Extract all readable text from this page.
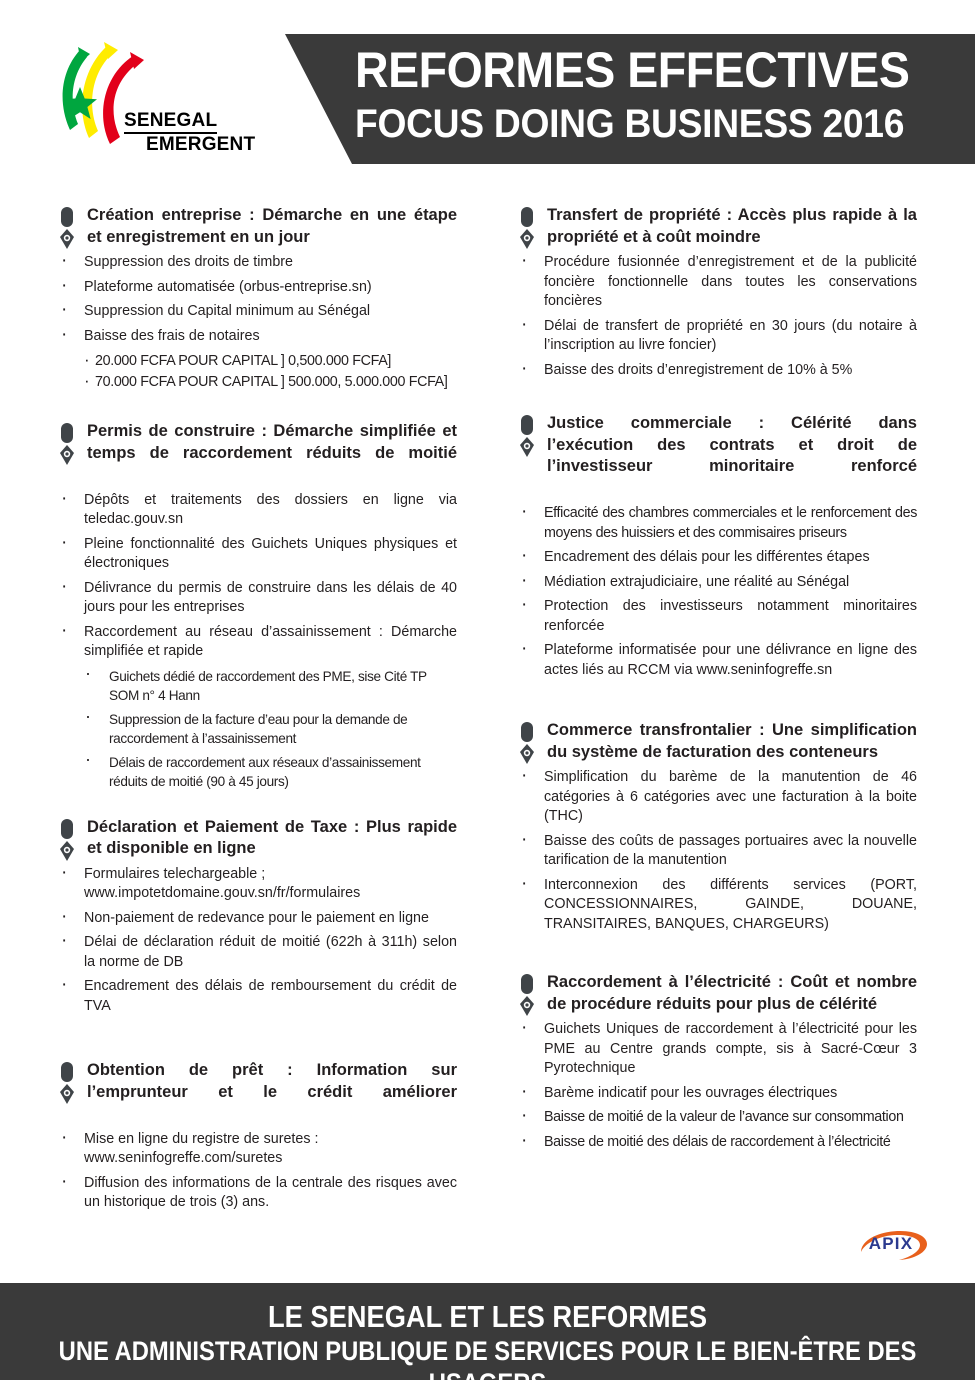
SENEGAL
EMERGENT
REFORMES EFFECTIVES
FOCUS DOING BUSINESS 2016
Création entreprise : Démarche en une étape et enregistrement en un jour
· Suppression des droits de timbre
· Plateforme automatisée (orbus-entreprise.sn)
· Suppression du Capital minimum au Sénégal
· Baisse des frais de notaires
· 20.000 FCFA POUR CAPITAL ] 0,500.000 FCFA]
· 70.000 FCFA POUR CAPITAL ] 500.000, 5.000.000 FCFA]
Permis de construire : Démarche simplifiée et temps de raccordement réduits de moitié
· Dépôts et traitements des dossiers en ligne via teledac.gouv.sn
· Pleine fonctionnalité des Guichets Uniques physiques et électroniques
· Délivrance du permis de construire dans les délais de 40 jours pour les entreprises
· Raccordement au réseau d’assainissement : Démarche simplifiée et rapide
· Guichets dédié de raccordement des PME, sise Cité TP SOM n° 4 Hann
· Suppression de la facture d’eau pour la demande de raccordement à l’assainissement
· Délais de raccordement aux réseaux d’assainissement réduits de moitié (90 à 45 jours)
Déclaration et Paiement de Taxe : Plus rapide et disponible en ligne
· Formulaires telechargeable ; www.impotetdomaine.gouv.sn/fr/formulaires
· Non-paiement de redevance pour le paiement en ligne
· Délai de déclaration réduit de moitié (622h à 311h) selon la norme de DB
· Encadrement des délais de remboursement du crédit de TVA
Obtention de prêt : Information sur l’emprunteur et le crédit améliorer
· Mise en ligne du registre de suretes : www.seninfogreffe.com/suretes
· Diffusion des informations de la centrale des risques avec un historique de trois (3) ans.
Transfert de propriété : Accès plus rapide à la propriété et à coût moindre
· Procédure fusionnée d’enregistrement et de la publicité foncière fonctionnelle dans toutes les conservations foncières
· Délai de transfert de propriété en 30 jours (du notaire à l’inscription au livre foncier)
· Baisse des droits d’enregistrement de 10% à 5%
Justice commerciale : Célérité dans l’exécution des contrats et droit de l’investisseur minoritaire renforcé
· Efficacité des chambres commerciales et le renforcement des moyens des huissiers et des commisaires priseurs
· Encadrement des délais pour les différentes étapes
· Médiation extrajudiciaire, une réalité au Sénégal
· Protection des investisseurs notamment minoritaires renforcée
· Plateforme informatisée pour une délivrance en ligne des actes liés au RCCM via www.seninfogreffe.sn
Commerce transfrontalier : Une simplification du système de facturation des conteneurs
· Simplification du barème de la manutention de 46 catégories à 6 catégories avec une facturation à la boite (THC)
· Baisse des coûts de passages portuaires avec la nouvelle tarification de la manutention
· Interconnexion des différents services (PORT, CONCESSIONNAIRES, GAINDE, DOUANE, TRANSITAIRES, BANQUES, CHARGEURS)
Raccordement à l’électricité : Coût et nombre de procédure réduits pour plus de célérité
· Guichets Uniques de raccordement à l’électricité pour les PME au Centre grands compte, sis à Sacré-Cœur 3 Pyrotechnique
· Barème indicatif pour les ouvrages électriques
· Baisse de moitié de la valeur de l’avance sur consommation
· Baisse de moitié des délais de raccordement à l’électricité
APIX
LE SENEGAL ET LES REFORMES
UNE ADMINISTRATION PUBLIQUE DE SERVICES POUR LE BIEN-ÊTRE DES USAGERS
